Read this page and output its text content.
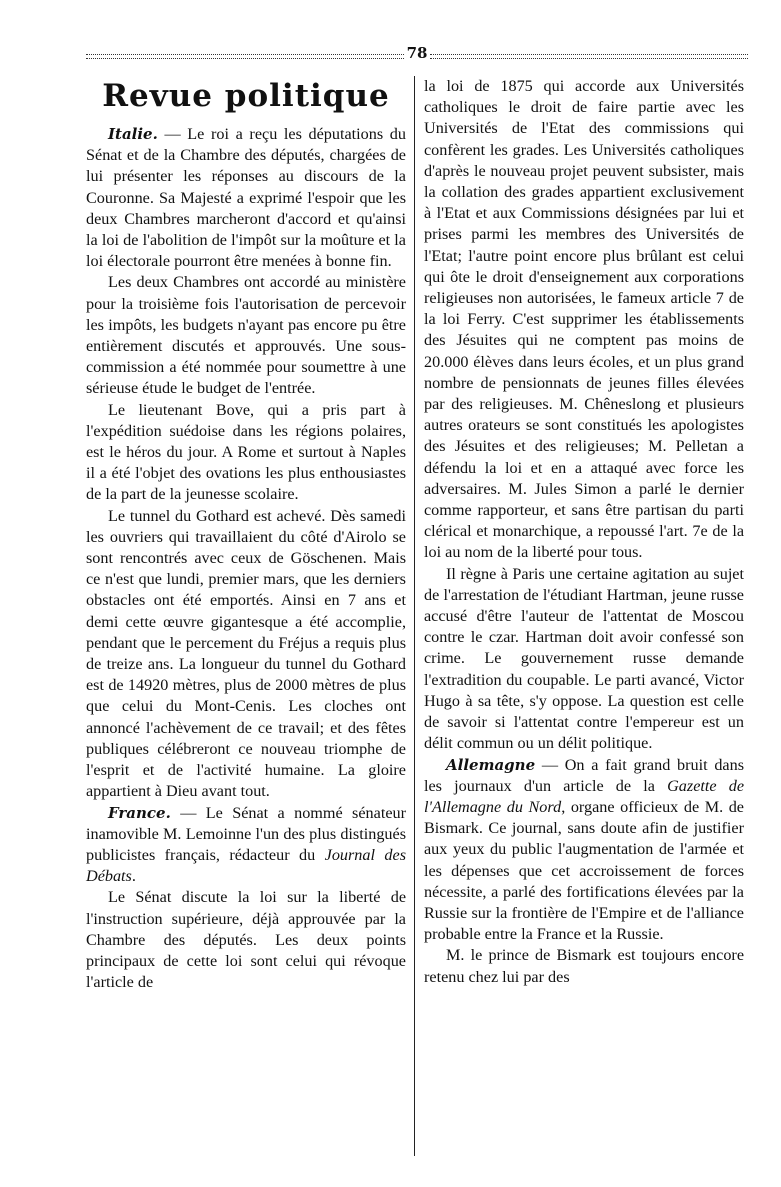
78
Revue politique

Italie. — Le roi a reçu les députations du Sénat et de la Chambre des députés, chargées de lui présenter les réponses au discours de la Couronne. Sa Majesté a exprimé l'espoir que les deux Chambres marcheront d'accord et qu'ainsi la loi de l'abolition de l'impôt sur la moûture et la loi électorale pourront être menées à bonne fin.

Les deux Chambres ont accordé au ministère pour la troisième fois l'autorisation de percevoir les impôts, les budgets n'ayant pas encore pu être entièrement discutés et approuvés. Une sous-commission a été nommée pour soumettre à une sérieuse étude le budget de l'entrée.

Le lieutenant Bove, qui a pris part à l'expédition suédoise dans les régions polaires, est le héros du jour. A Rome et surtout à Naples il a été l'objet des ovations les plus enthousiastes de la part de la jeunesse scolaire.

Le tunnel du Gothard est achevé. Dès samedi les ouvriers qui travaillaient du côté d'Airolo se sont rencontrés avec ceux de Göschenen. Mais ce n'est que lundi, premier mars, que les derniers obstacles ont été emportés. Ainsi en 7 ans et demi cette œuvre gigantesque a été accomplie, pendant que le percement du Fréjus a requis plus de treize ans. La longueur du tunnel du Gothard est de 14920 mètres, plus de 2000 mètres de plus que celui du Mont-Cenis. Les cloches ont annoncé l'achèvement de ce travail; et des fêtes publiques célébreront ce nouveau triomphe de l'esprit et de l'activité humaine. La gloire appartient à Dieu avant tout.

France. — Le Sénat a nommé sénateur inamovible M. Lemoinne l'un des plus distingués publicistes français, rédacteur du Journal des Débats.

Le Sénat discute la loi sur la liberté de l'instruction supérieure, déjà approuvée par la Chambre des députés. Les deux points principaux de cette loi sont celui qui révoque l'article de

la loi de 1875 qui accorde aux Universités catholiques le droit de faire partie avec les Universités de l'Etat des commissions qui confèrent les grades. Les Universités catholiques d'après le nouveau projet peuvent subsister, mais la collation des grades appartient exclusivement à l'Etat et aux Commissions désignées par lui et prises parmi les membres des Universités de l'Etat; l'autre point encore plus brûlant est celui qui ôte le droit d'enseignement aux corporations religieuses non autorisées, le fameux article 7 de la loi Ferry. C'est supprimer les établissements des Jésuites qui ne comptent pas moins de 20.000 élèves dans leurs écoles, et un plus grand nombre de pensionnats de jeunes filles élevées par des religieuses. M. Chêneslong et plusieurs autres orateurs se sont constitués les apologistes des Jésuites et des religieuses; M. Pelletan a défendu la loi et en a attaqué avec force les adversaires. M. Jules Simon a parlé le dernier comme rapporteur, et sans être partisan du parti clérical et monarchique, a repoussé l'art. 7e de la loi au nom de la liberté pour tous.

Il règne à Paris une certaine agitation au sujet de l'arrestation de l'étudiant Hartman, jeune russe accusé d'être l'auteur de l'attentat de Moscou contre le czar. Hartman doit avoir confessé son crime. Le gouvernement russe demande l'extradition du coupable. Le parti avancé, Victor Hugo à sa tête, s'y oppose. La question est celle de savoir si l'attentat contre l'empereur est un délit commun ou un délit politique.

Allemagne — On a fait grand bruit dans les journaux d'un article de la Gazette de l'Allemagne du Nord, organe officieux de M. de Bismark. Ce journal, sans doute afin de justifier aux yeux du public l'augmentation de l'armée et les dépenses que cet accroissement de forces nécessite, a parlé des fortifications élevées par la Russie sur la frontière de l'Empire et de l'alliance probable entre la France et la Russie.

M. le prince de Bismark est toujours encore retenu chez lui par des
